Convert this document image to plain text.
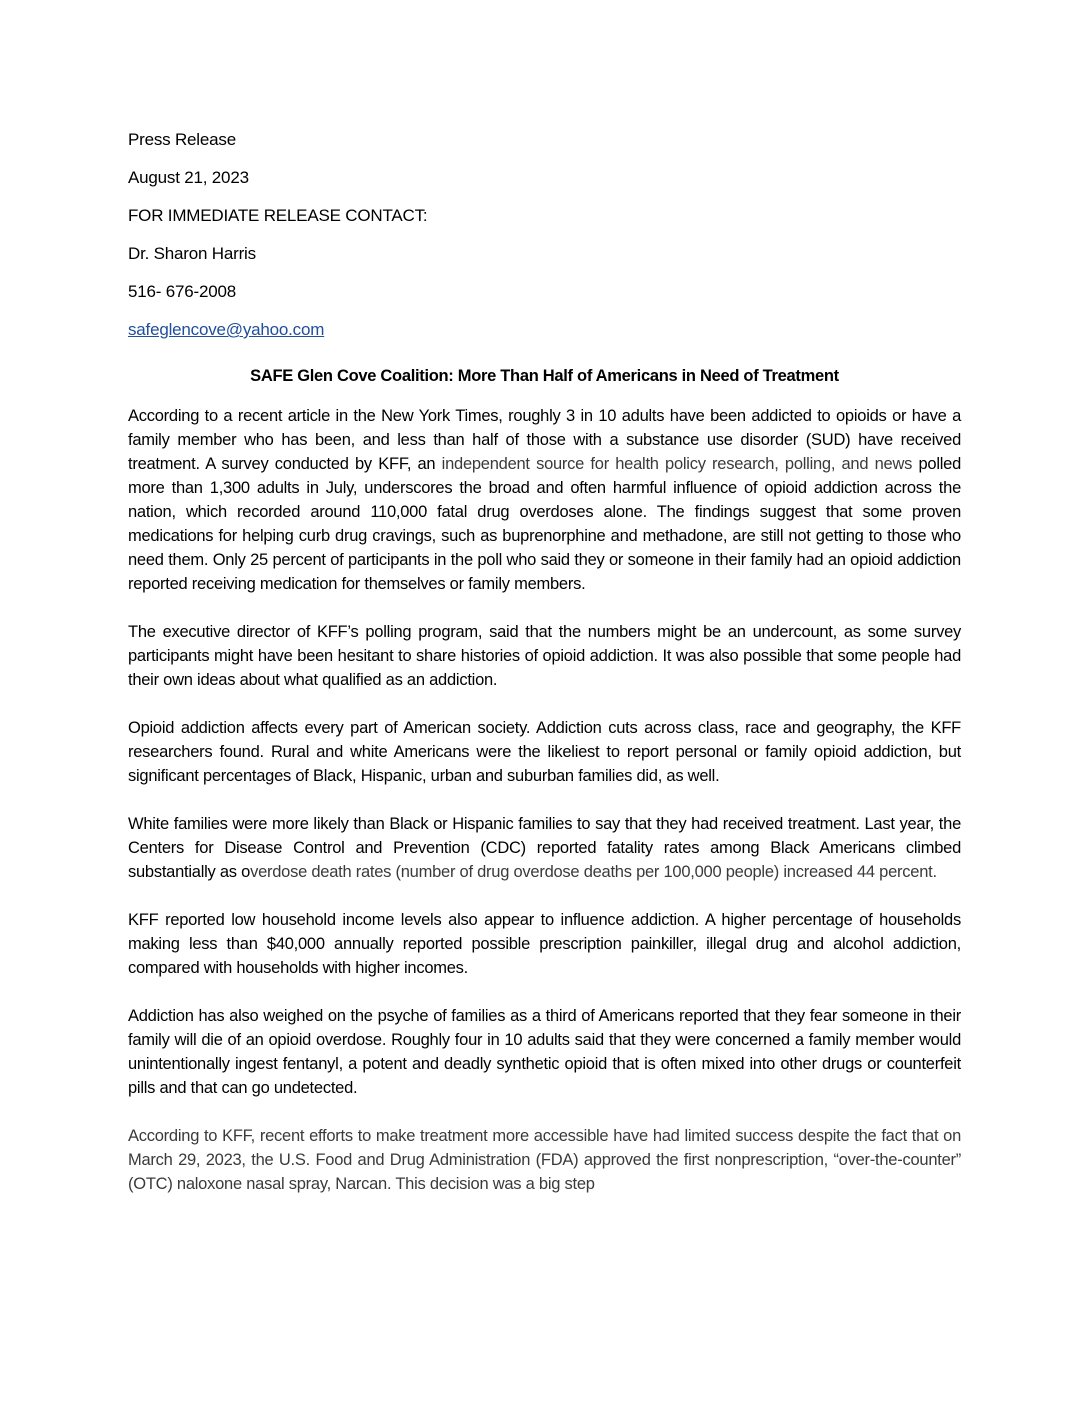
Press Release

August 21, 2023

FOR IMMEDIATE RELEASE CONTACT:

Dr. Sharon Harris

516- 676-2008

safeglencove@yahoo.com

SAFE Glen Cove Coalition: More Than Half of Americans in Need of Treatment

According to a recent article in the New York Times, roughly 3 in 10 adults have been addicted to opioids or have a family member who has been, and less than half of those with a substance use disorder (SUD) have received treatment. A survey conducted by KFF, an independent source for health policy research, polling, and news polled more than 1,300 adults in July, underscores the broad and often harmful influence of opioid addiction across the nation, which recorded around 110,000 fatal drug overdoses alone. The findings suggest that some proven medications for helping curb drug cravings, such as buprenorphine and methadone, are still not getting to those who need them. Only 25 percent of participants in the poll who said they or someone in their family had an opioid addiction reported receiving medication for themselves or family members.

The executive director of KFF’s polling program, said that the numbers might be an undercount, as some survey participants might have been hesitant to share histories of opioid addiction. It was also possible that some people had their own ideas about what qualified as an addiction.

Opioid addiction affects every part of American society. Addiction cuts across class, race and geography, the KFF researchers found. Rural and white Americans were the likeliest to report personal or family opioid addiction, but significant percentages of Black, Hispanic, urban and suburban families did, as well.

White families were more likely than Black or Hispanic families to say that they had received treatment. Last year, the Centers for Disease Control and Prevention (CDC) reported fatality rates among Black Americans climbed substantially as overdose death rates (number of drug overdose deaths per 100,000 people) increased 44 percent.

KFF reported low household income levels also appear to influence addiction. A higher percentage of households making less than $40,000 annually reported possible prescription painkiller, illegal drug and alcohol addiction, compared with households with higher incomes.

Addiction has also weighed on the psyche of families as a third of Americans reported that they fear someone in their family will die of an opioid overdose. Roughly four in 10 adults said that they were concerned a family member would unintentionally ingest fentanyl, a potent and deadly synthetic opioid that is often mixed into other drugs or counterfeit pills and that can go undetected.

According to KFF, recent efforts to make treatment more accessible have had limited success despite the fact that on March 29, 2023, the U.S. Food and Drug Administration (FDA) approved the first nonprescription, “over-the-counter” (OTC) naloxone nasal spray, Narcan. This decision was a big step
